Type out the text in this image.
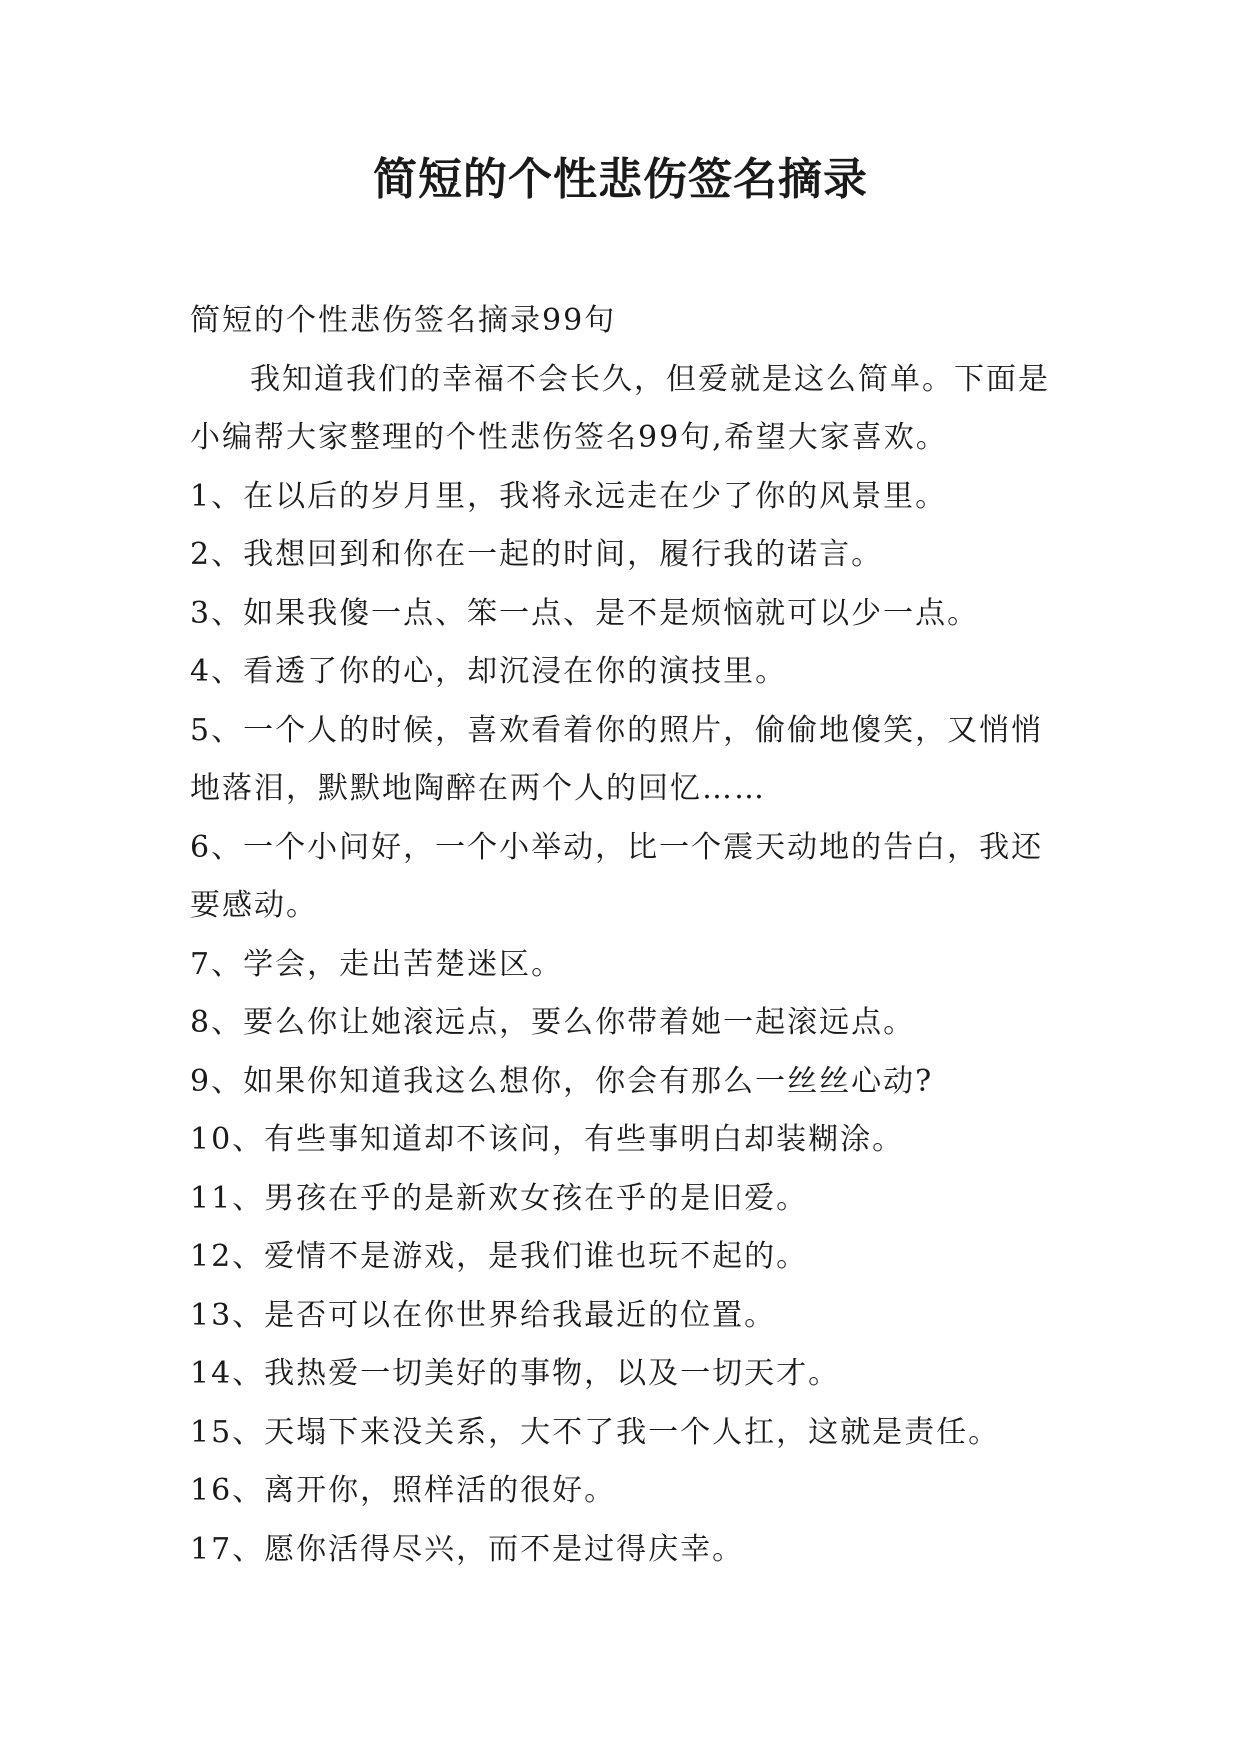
简短的个性悲伤签名摘录

简短的个性悲伤签名摘录99句

我知道我们的幸福不会长久，但爱就是这么简单。下面是小编帮大家整理的个性悲伤签名99句,希望大家喜欢。

1、在以后的岁月里，我将永远走在少了你的风景里。

2、我想回到和你在一起的时间，履行我的诺言。

3、如果我傻一点、笨一点、是不是烦恼就可以少一点。

4、看透了你的心，却沉浸在你的演技里。

5、一个人的时候，喜欢看着你的照片，偷偷地傻笑，又悄悄地落泪，默默地陶醉在两个人的回忆……

6、一个小问好，一个小举动，比一个震天动地的告白，我还要感动。

7、学会，走出苦楚迷区。

8、要么你让她滚远点，要么你带着她一起滚远点。

9、如果你知道我这么想你，你会有那么一丝丝心动?

10、有些事知道却不该问，有些事明白却装糊涂。

11、男孩在乎的是新欢女孩在乎的是旧爱。

12、爱情不是游戏，是我们谁也玩不起的。

13、是否可以在你世界给我最近的位置。

14、我热爱一切美好的事物，以及一切天才。

15、天塌下来没关系，大不了我一个人扛，这就是责任。

16、离开你，照样活的很好。

17、愿你活得尽兴，而不是过得庆幸。
